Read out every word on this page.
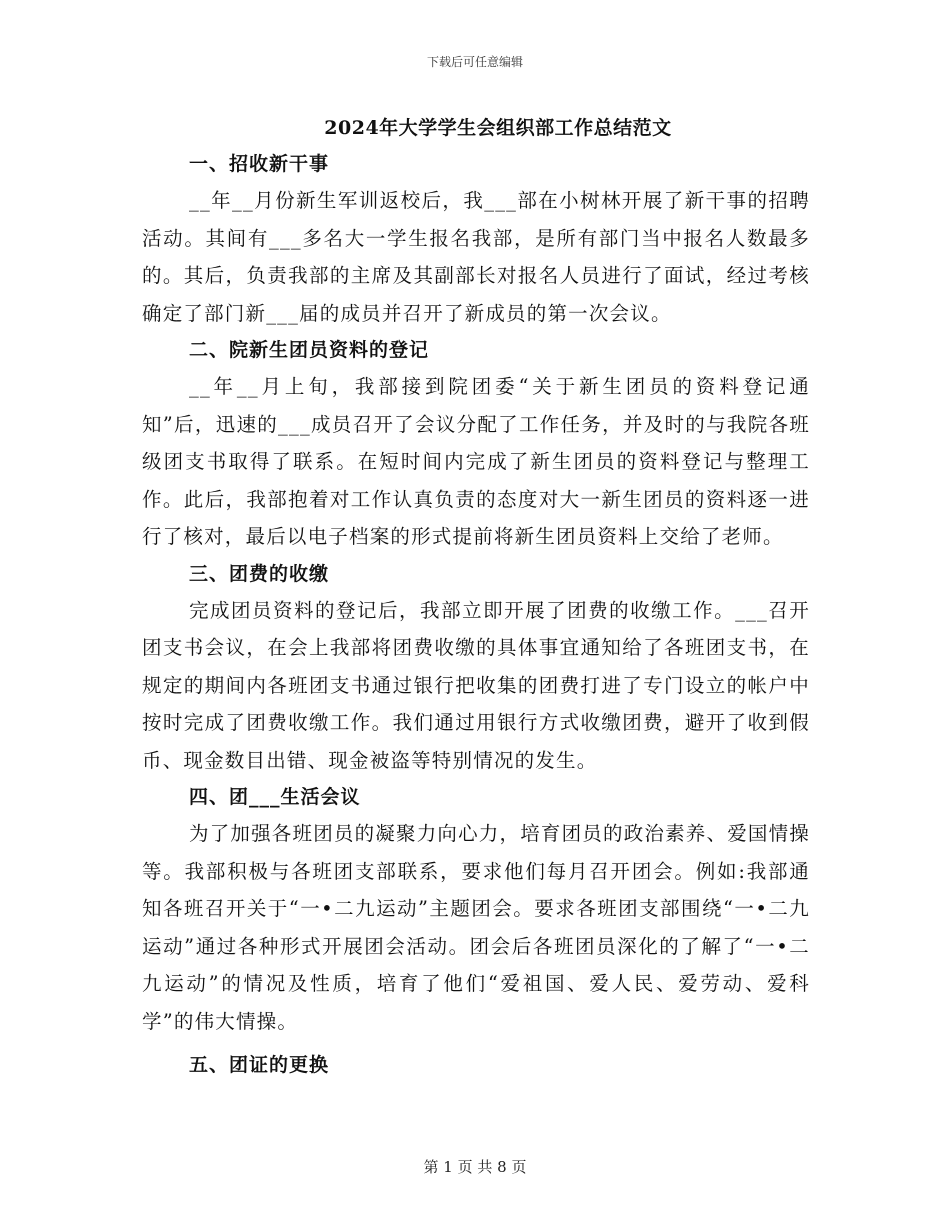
下载后可任意编辑
2024年大学学生会组织部工作总结范文
一、招收新干事

__年__月份新生军训返校后，我___部在小树林开展了新干事的招聘活动。其间有___多名大一学生报名我部，是所有部门当中报名人数最多的。其后，负责我部的主席及其副部长对报名人员进行了面试，经过考核确定了部门新___届的成员并召开了新成员的第一次会议。

二、院新生团员资料的登记

__年__月上旬，我部接到院团委“关于新生团员的资料登记通知”后，迅速的___成员召开了会议分配了工作任务，并及时的与我院各班级团支书取得了联系。在短时间内完成了新生团员的资料登记与整理工作。此后，我部抱着对工作认真负责的态度对大一新生团员的资料逐一进行了核对，最后以电子档案的形式提前将新生团员资料上交给了老师。

三、团费的收缴

完成团员资料的登记后，我部立即开展了团费的收缴工作。___召开团支书会议，在会上我部将团费收缴的具体事宜通知给了各班团支书，在规定的期间内各班团支书通过银行把收集的团费打进了专门设立的帐户中按时完成了团费收缴工作。我们通过用银行方式收缴团费，避开了收到假币、现金数目出错、现金被盗等特别情况的发生。

四、团___生活会议

为了加强各班团员的凝聚力向心力，培育团员的政治素养、爱国情操等。我部积极与各班团支部联系，要求他们每月召开团会。例如:我部通知各班召开关于“一•二九运动”主题团会。要求各班团支部围绕“一•二九运动”通过各种形式开展团会活动。团会后各班团员深化的了解了“一•二九运动”的情况及性质，培育了他们“爱祖国、爱人民、爱劳动、爱科学”的伟大情操。

五、团证的更换
第 1 页 共 8 页
